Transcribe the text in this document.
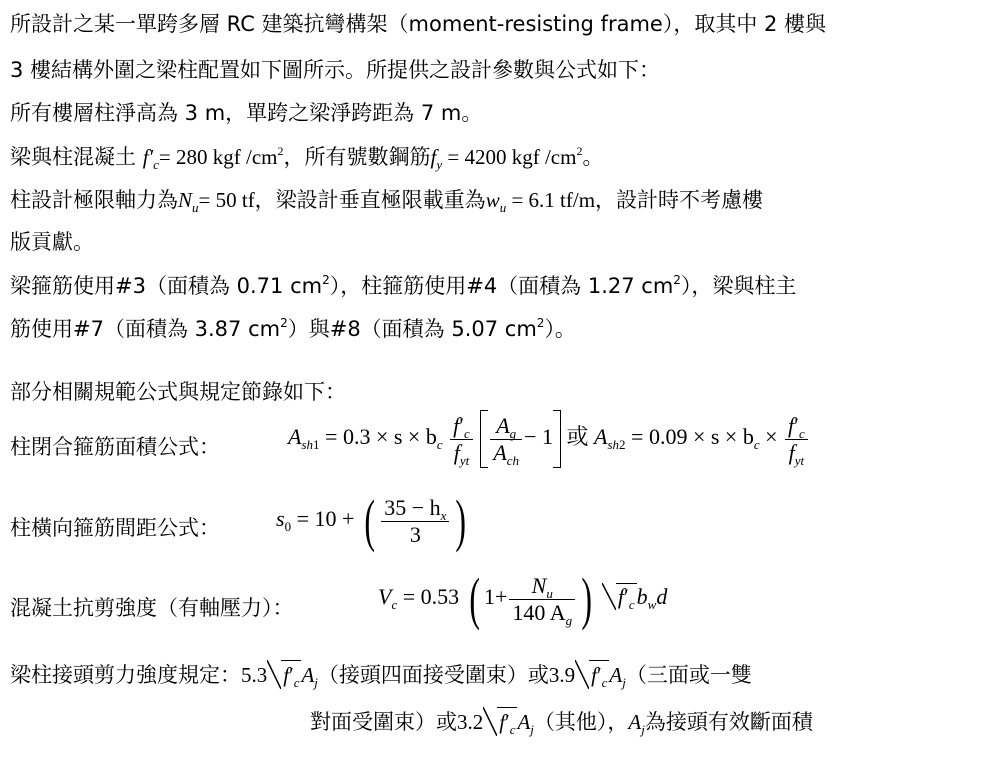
所設計之某一單跨多層 RC 建築抗彎構架（moment-resisting frame），取其中 2 樓與
3 樓結構外圍之梁柱配置如下圖所示。所提供之設計參數與公式如下：
所有樓層柱淨高為 3 m，單跨之梁淨跨距為 7 m。
梁與柱混凝土 $f'_c= 280$ kgf $/cm^2$，所有號數鋼筋$f_y = 4200$ kgf $/cm^2$。
柱設計極限軸力為$N_u= 50$ tf，梁設計垂直極限載重為$w_u = 6.1$ tf/m，設計時不考慮樓
版貢獻。
梁箍筋使用#3（面積為 0.71 $cm^2$），柱箍筋使用#4（面積為 1.27 $cm^2$），梁與柱主
筋使用#7（面積為 3.87 $cm^2$）與#8（面積為 5.07 $cm^2$）。
部分相關規範公式與規定節錄如下：
柱閉合箍筋面積公式：	$A_{sh1} = 0.3 \times s \times b_c \frac{f'_c}{f_{yt}}$
$\frac{A_g}{A_{ch}} - 1$ 或 $A_{sh2} = 0.09 \times s \times b_c \times \frac{f'_c}{f_{yt}}$
柱橫向箍筋間距公式：	$s_0 = 10$ + ( $\frac{35 - h_x}{3}$ )
混凝土抗剪強度（有軸壓力）：	$V_c = 0.53$ ( $1+ \frac{N_u}{140 A_g}$ ) $f'_cb_wd$
梁柱接頭剪力強度規定：5.3 $f'_cA_j$（接頭四面接受圍束）或3.9 $f'_cA_j$（三面或一雙
對面受圍束）或3.2 $f'_cA_j$（其他），$A_j$為接頭有效斷面積
